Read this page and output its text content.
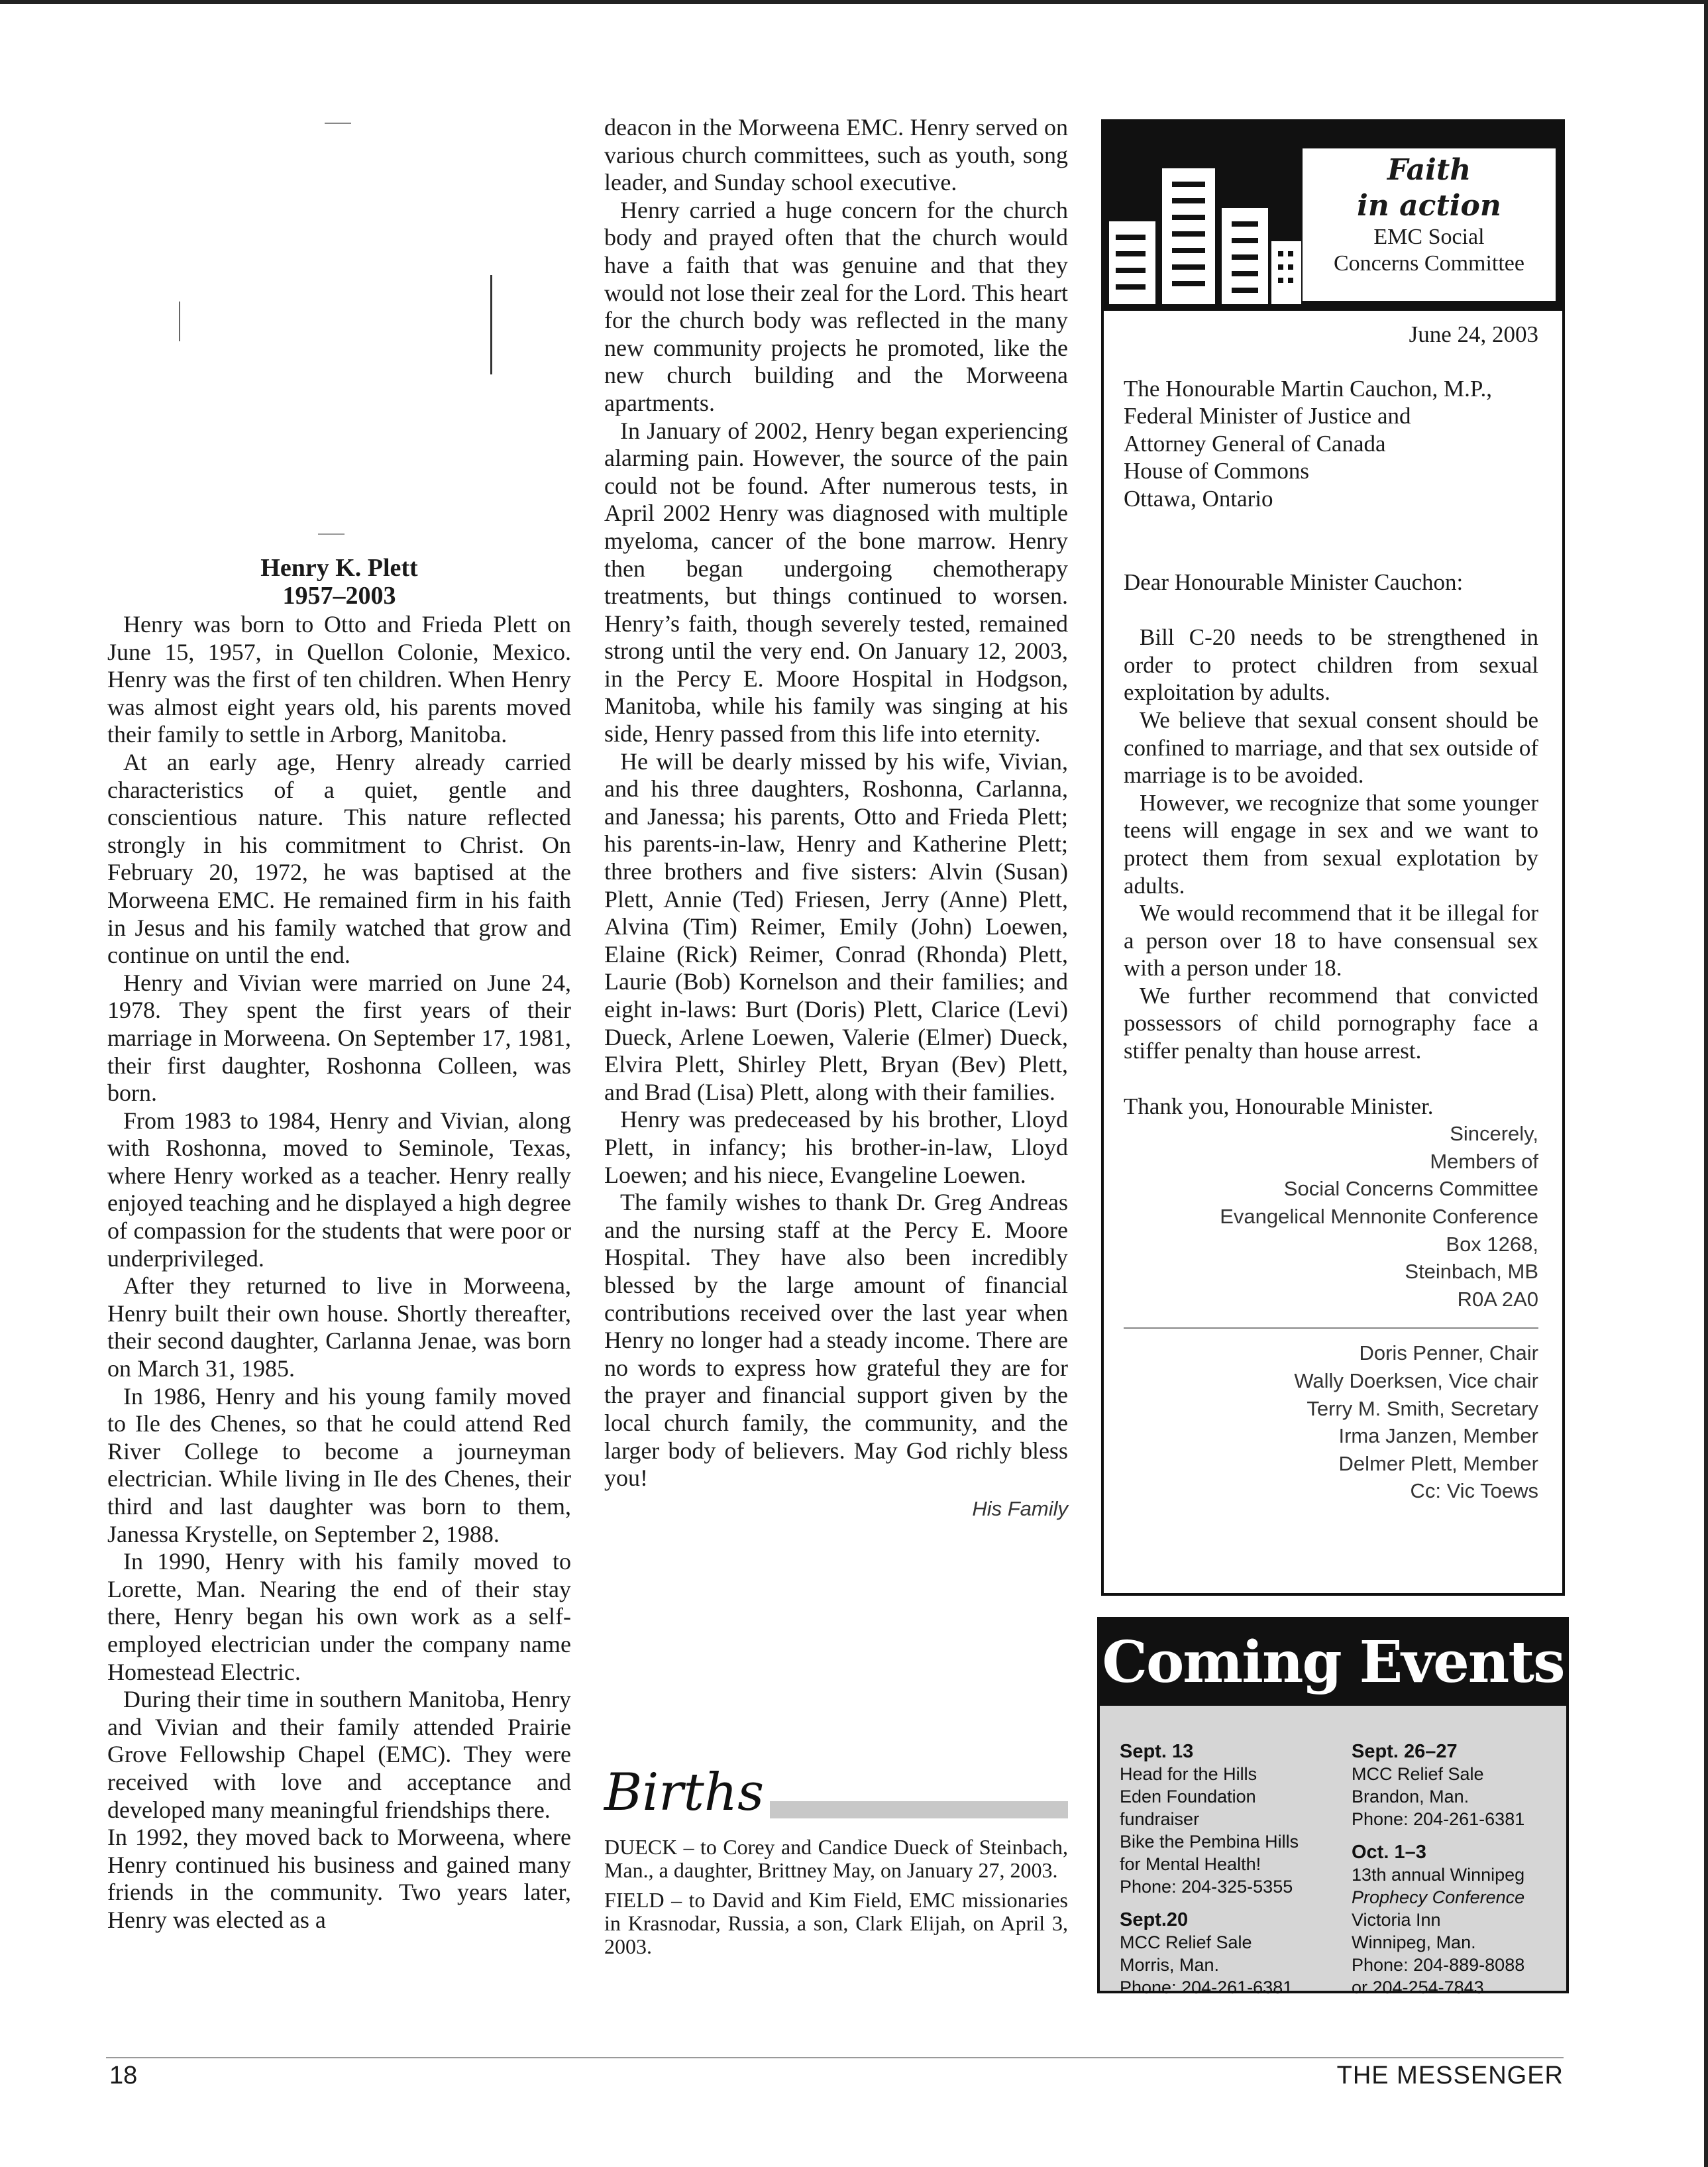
Henry K. Plett

1957–2003

Henry was born to Otto and Frieda Plett on June 15, 1957, in Quellon Colonie, Mexico. Henry was the first of ten children. When Henry was almost eight years old, his parents moved their family to settle in Arborg, Manitoba.

At an early age, Henry already carried characteristics of a quiet, gentle and conscientious nature. This nature reflected strongly in his commitment to Christ. On February 20, 1972, he was baptised at the Morweena EMC. He remained firm in his faith in Jesus and his family watched that grow and continue on until the end.

Henry and Vivian were married on June 24, 1978. They spent the first years of their marriage in Morweena. On September 17, 1981, their first daughter, Roshonna Colleen, was born.

From 1983 to 1984, Henry and Vivian, along with Roshonna, moved to Seminole, Texas, where Henry worked as a teacher. Henry really enjoyed teaching and he displayed a high degree of compassion for the students that were poor or underprivileged.

After they returned to live in Morweena, Henry built their own house. Shortly thereafter, their second daughter, Carlanna Jenae, was born on March 31, 1985.

In 1986, Henry and his young family moved to Ile des Chenes, so that he could attend Red River College to become a journeyman electrician. While living in Ile des Chenes, their third and last daughter was born to them, Janessa Krystelle, on September 2, 1988.

In 1990, Henry with his family moved to Lorette, Man. Nearing the end of their stay there, Henry began his own work as a self-employed electrician under the company name Homestead Electric.

During their time in southern Manitoba, Henry and Vivian and their family attended Prairie Grove Fellowship Chapel (EMC). They were received with love and acceptance and developed many meaningful friendships there.

In 1992, they moved back to Morweena, where Henry continued his business and gained many friends in the community. Two years later, Henry was elected as a

deacon in the Morweena EMC. Henry served on various church committees, such as youth, song leader, and Sunday school executive.

Henry carried a huge concern for the church body and prayed often that the church would have a faith that was genuine and that they would not lose their zeal for the Lord. This heart for the church body was reflected in the many new community projects he promoted, like the new church building and the Morweena apartments.

In January of 2002, Henry began experiencing alarming pain. However, the source of the pain could not be found. After numerous tests, in April 2002 Henry was diagnosed with multiple myeloma, cancer of the bone marrow. Henry then began undergoing chemotherapy treatments, but things continued to worsen. Henry’s faith, though severely tested, remained strong until the very end. On January 12, 2003, in the Percy E. Moore Hospital in Hodgson, Manitoba, while his family was singing at his side, Henry passed from this life into eternity.

He will be dearly missed by his wife, Vivian, and his three daughters, Roshonna, Carlanna, and Janessa; his parents, Otto and Frieda Plett; his parents-in-law, Henry and Katherine Plett; three brothers and five sisters: Alvin (Susan) Plett, Annie (Ted) Friesen, Jerry (Anne) Plett, Alvina (Tim) Reimer, Emily (John) Loewen, Elaine (Rick) Reimer, Conrad (Rhonda) Plett, Laurie (Bob) Kornelson and their families; and eight in-laws: Burt (Doris) Plett, Clarice (Levi) Dueck, Arlene Loewen, Valerie (Elmer) Dueck, Elvira Plett, Shirley Plett, Bryan (Bev) Plett, and Brad (Lisa) Plett, along with their families.

Henry was predeceased by his brother, Lloyd Plett, in infancy; his brother-in-law, Lloyd Loewen; and his niece, Evangeline Loewen.

The family wishes to thank Dr. Greg Andreas and the nursing staff at the Percy E. Moore Hospital. They have also been incredibly blessed by the large amount of financial contributions received over the last year when Henry no longer had a steady income. There are no words to express how grateful they are for the prayer and financial support given by the local church family, the community, and the larger body of believers. May God richly bless you!

His Family

Births

DUECK – to Corey and Candice Dueck of Steinbach, Man., a daughter, Brittney May, on January 27, 2003.

FIELD – to David and Kim Field, EMC missionaries in Krasnodar, Russia, a son, Clark Elijah, on April 3, 2003.

Faith
in action
EMC Social
Concerns Committee

June 24, 2003

The Honourable Martin Cauchon, M.P.,

Federal Minister of Justice and

Attorney General of Canada

House of Commons

Ottawa, Ontario

Dear Honourable Minister Cauchon:

Bill C-20 needs to be strengthened in order to protect children from sexual exploitation by adults.

We believe that sexual consent should be confined to marriage, and that sex outside of marriage is to be avoided.

However, we recognize that some younger teens will engage in sex and we want to protect them from sexual explotation by adults.

We would recommend that it be illegal for a person over 18 to have consensual sex with a person under 18.

We further recommend that convicted possessors of child pornography face a stiffer penalty than house arrest.

Thank you, Honourable Minister.

Sincerely,
Members of
Social Concerns Committee
Evangelical Mennonite Conference
Box 1268,
Steinbach, MB
R0A 2A0
Doris Penner, Chair
Wally Doerksen, Vice chair
Terry M. Smith, Secretary
Irma Janzen, Member
Delmer Plett, Member
Cc: Vic Toews
Coming Events
Sept. 13
Head for the Hills
Eden Foundation
fundraiser
Bike the Pembina Hills
for Mental Health!
Phone: 204-325-5355
Sept.20
MCC Relief Sale
Morris, Man.
Phone: 204-261-6381
Sept. 26–27
MCC Relief Sale
Brandon, Man.
Phone: 204-261-6381
Oct. 1–3
13th annual Winnipeg
Prophecy Conference
Victoria Inn
Winnipeg, Man.
Phone: 204-889-8088
or 204-254-7843
18	THE MESSENGER
